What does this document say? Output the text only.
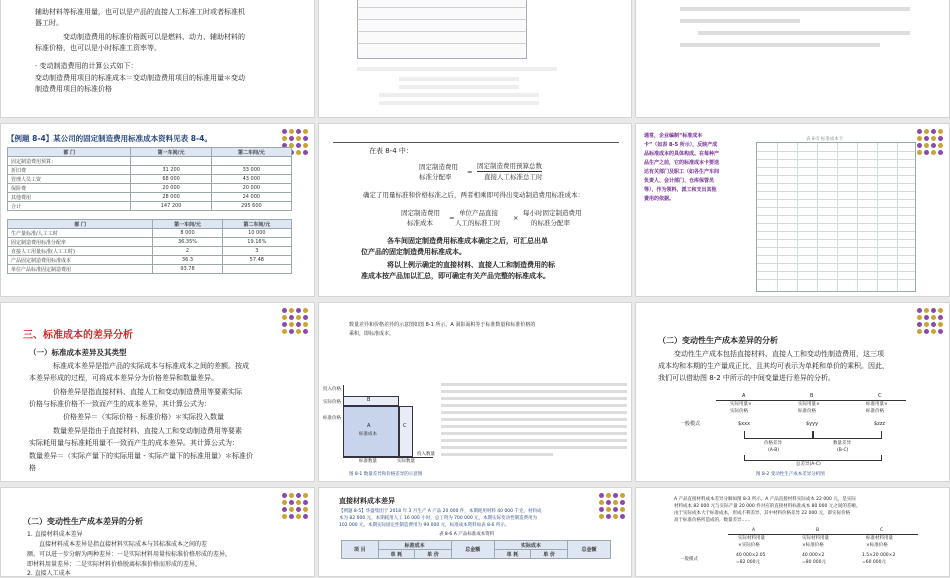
辅助材料等标准用量，也可以是产品的直接人工标准工时或者标准机
器工时。
变动制造费用的标准价格既可以是燃料、动力、辅助材料的
标准价格，也可以是小时标准工资率等。
· 变动制造费用的计算公式如下：
变动制造费用项目的标准成本＝变动制造费用项目的标准用量＊变动
制造费用项目的标准价格
【例题 8-4】某公司的固定制造费用标准成本资料见表 8-4。
部 门	第一车间/元	第二车间/元
固定制造费用预算：		
折旧费	31 200	33 000
管理人员工资	68 000	43 000
保险费	20 000	20 000
其他费用	28 000	24 000
合计	147 200	295 600
部 门	第一车间/元	第二车间/元
生产量标准/人工工时	8 000	10 000
固定制造费用标准分配率	36.35%	19.16%
直接人工用量标准(人工工时)	2	3
产品固定制造费用标准成本	36.3	57.48
单位产品标准固定制造费用	93.78	
在表 8-4 中：
固定制造费用
标准分配率
=
固定制造费用预算总数
直接人工标准总工时
确定了用量标准和价格标准之后，两者相乘即可得出变动制造费用标准成本：
固定制造费用
标准成本
=
单位产品直接
人工的标准工时
×
每小时固定制造费用
的标准分配率
各车间固定制造费用标准成本确定之后，可汇总出单
位产品的固定制造费用标准成本。
将以上例示确定的直接材料、直接人工和制造费用的标
准成本按产品加以汇总，即可确定有关产品完整的标准成本。
通常，企业编制“标准成本
卡”（如表 8-5 所示），反映产成
品标准成本的具体构成。在每种产
品生产之前，它的标准成本卡要送
达有关部门及职工（如各生产车间
负责人、会计部门、仓库保管员
等），作为领料、派工和支出其他
费用的依据。
表 8-5 标准成本卡
三、标准成本的差异分析
（一）标准成本差异及其类型
标准成本差异是指产品的实际成本与标准成本之间的差额。按成
本差异形成的过程，可将成本差异分为价格差异和数量差异。
价格差异是指直接材料、直接人工和变动制造费用等要素实际
价格与标准价格不一致而产生的成本差异，其计算公式为：
价格差异＝（实际价格 - 标准价格）＊实际投入数量
数量差异是指由于直接材料、直接人工和变动制造费用等要素
实际耗用量与标准耗用量不一致而产生的成本差异。其计算公式为：
数量差异＝（实际产量下的实际用量 - 实际产量下的标准用量）＊标准价
格
数量差异和价格差异的示意图如图 8-1 所示。A 洞影面积等于标准数量和标准价格的
乘积，即标准成本。
投入价格
实际价格
标准价格
B
A
标准成本
C
标准数量	实际数量
投入数量
图 8-1 数量差异和价格差异的示意图
（二）变动性生产成本差异的分析
变动性生产成本包括直接材料、直接人工和变动性制造费用，这三项
成本均和本期的生产量成正比，且其均可表示为单耗和单价的乘积。因此，
我们可以借助图 8-2 中所示的中间变量进行差异的分析。
A	B	C
实际用量×
实际价格
实际用量×
标准价格
标准用量×
标准价格
一般模式	$xxx	$yyy	$zzz
价格差异
(A-B)
数量差异
(B-C)
总差异(A-C)
图 8-2 变动性生产成本差异分析图
（二）变动性生产成本差异的分析
1. 直接材料成本差异
直接材料成本差异是指直接材料实际成本与其标准成本之间的差
额。可以进一步分解为两种差异：一是实际材料用量按标准价格形成的差异，
即材料用量差异；二是实际材料价格脱离标准价格而形成的差异，
2. 直接人工成本
直接材料成本差异
【例题 8-5】华盛集团于 2018 年 3 月生产 A 产品 20 000 件，本期耗用材料 40 000 千克，材料成
本为 82 000 元，本期耗用人工 16 000 小时，总工资为 700 000 元，本期实际变动性制造费用为
102 000 元。本期实际固定性制造费用为 99 000 元，标准成本资料如表 8-6 所示。
表 8-6 A 产品标准成本资料
项 目	标准成本		总金额	实际成本		总金额
	单 耗	单 价		单 耗	单 价	
A 产品直接材料成本差异分解如图 8-3 所示。A 产品直接材料实际成本 22 000 元，是实际
材料成本 82 000 元与实际产量 20 000 件对应的直接材料标准成本 80 000 元之间的差额。
由于实际成本大于标准成本，形成不利差异，其中材料价格差异 22 000 元，即实际价格
高于标准价格所造成的，数量差异……
A	B	C
实际材料用量
×实际价格
实际材料用量
×标准价格
标准材料用量
×标准价格
一般模式
40 000×2.05	40 000×2	1.5×20 000×2
=82 000元	=80 000元	=60 000元
